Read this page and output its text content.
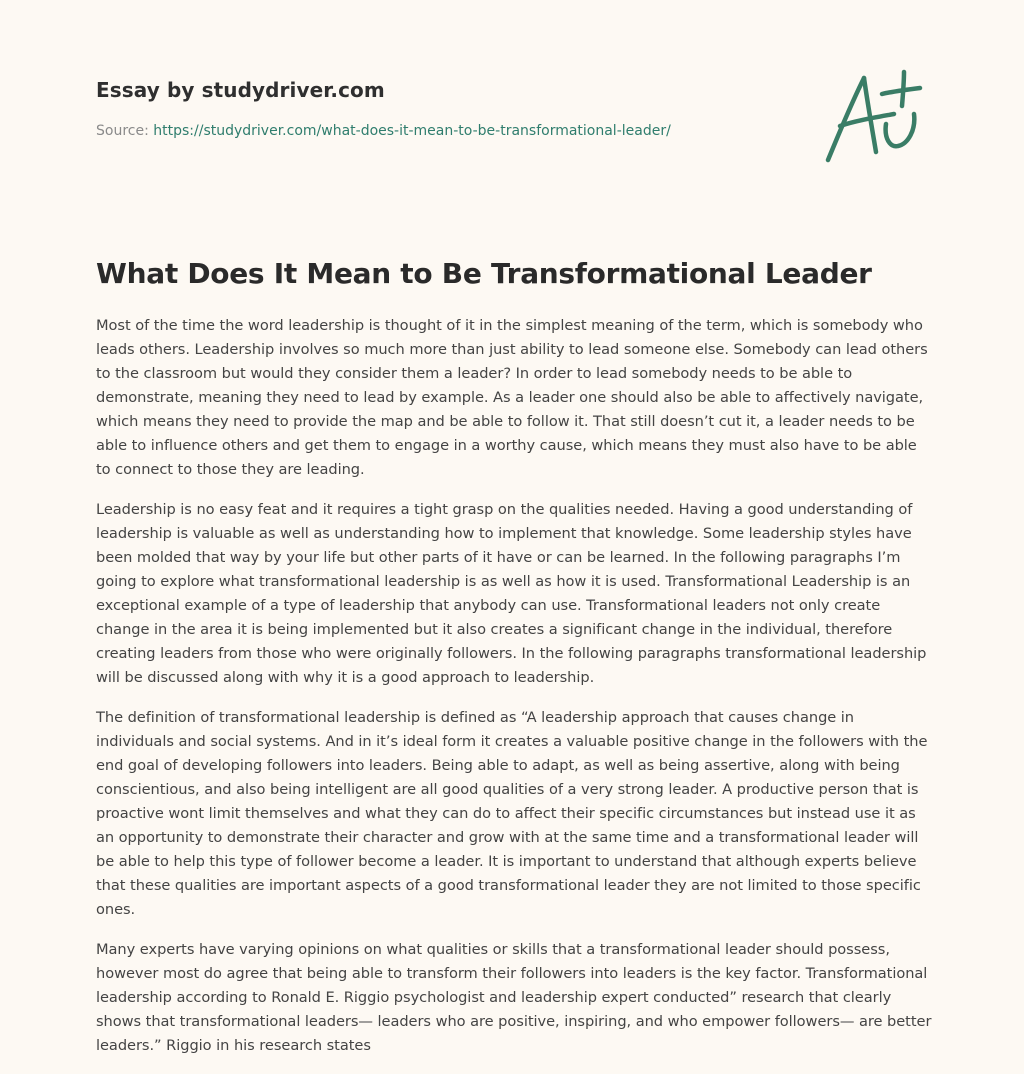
Essay by studydriver.com
Source: https://studydriver.com/what-does-it-mean-to-be-transformational-leader/
What Does It Mean to Be Transformational Leader

Most of the time the word leadership is thought of it in the simplest meaning of the term, which is somebody who leads others. Leadership involves so much more than just ability to lead someone else. Somebody can lead others to the classroom but would they consider them a leader? In order to lead somebody needs to be able to demonstrate, meaning they need to lead by example. As a leader one should also be able to affectively navigate, which means they need to provide the map and be able to follow it. That still doesn’t cut it, a leader needs to be able to influence others and get them to engage in a worthy cause, which means they must also have to be able to connect to those they are leading.

Leadership is no easy feat and it requires a tight grasp on the qualities needed. Having a good understanding of leadership is valuable as well as understanding how to implement that knowledge. Some leadership styles have been molded that way by your life but other parts of it have or can be learned. In the following paragraphs I’m going to explore what transformational leadership is as well as how it is used. Transformational Leadership is an exceptional example of a type of leadership that anybody can use. Transformational leaders not only create change in the area it is being implemented but it also creates a significant change in the individual, therefore creating leaders from those who were originally followers. In the following paragraphs transformational leadership will be discussed along with why it is a good approach to leadership.

The definition of transformational leadership is defined as “A leadership approach that causes change in individuals and social systems. And in it’s ideal form it creates a valuable positive change in the followers with the end goal of developing followers into leaders. Being able to adapt, as well as being assertive, along with being conscientious, and also being intelligent are all good qualities of a very strong leader. A productive person that is proactive wont limit themselves and what they can do to affect their specific circumstances but instead use it as an opportunity to demonstrate their character and grow with at the same time and a transformational leader will be able to help this type of follower become a leader. It is important to understand that although experts believe that these qualities are important aspects of a good transformational leader they are not limited to those specific ones.

Many experts have varying opinions on what qualities or skills that a transformational leader should possess, however most do agree that being able to transform their followers into leaders is the key factor. Transformational leadership according to Ronald E. Riggio psychologist and leadership expert conducted” research that clearly shows that transformational leaders— leaders who are positive, inspiring, and who empower followers— are better leaders.” Riggio in his research states
